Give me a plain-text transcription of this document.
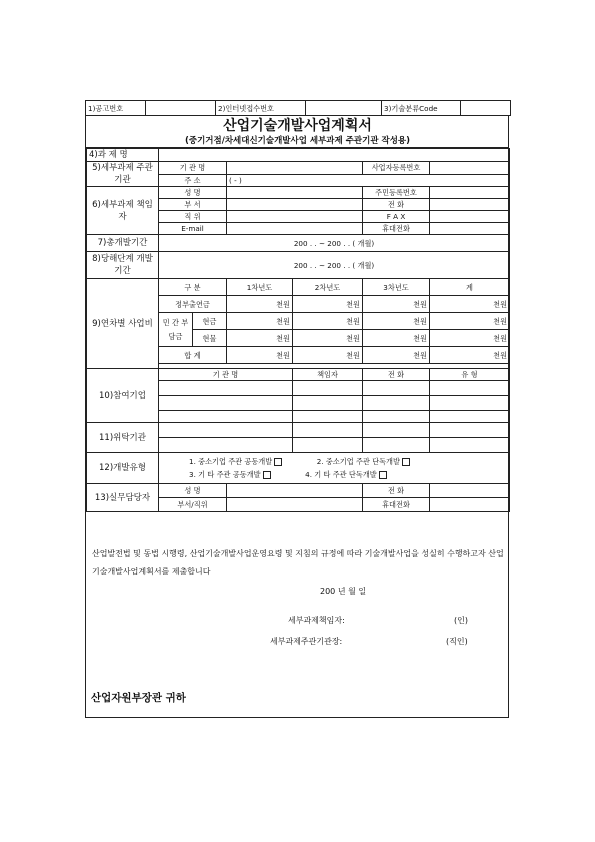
1)공고번호		2)인터넷접수번호		3)기술분류Code	
산업기술개발사업계획서
(중기거점/차세대신기술개발사업 세부과제 주관기관 작성용)
4)과 제 명						
5)세부과제 주관기관	기 관 명				사업자등록번호	
	주 소		( - )			
6)세부과제 책임자	성 명				주민등록번호	
	부 서				전 화	
	직 위				F A X	
	E-mail				휴대전화	
7)총개발기간	200 . . ~ 200 . . ( 개월)					
8)당해단계 개발기간	200 . . ~ 200 . . ( 개월)					
9)연차별 사업비	구 분		1차년도	2차년도	3차년도	계
	정부출연금		천원	천원	천원	천원
	민 간 부담금	현금	천원	천원	천원	천원
		현물	천원	천원	천원	천원
	합 계		천원	천원	천원	천원

10)참여기업	기 관 명			책임자	전 화	유 형

11)위탁기관						

12)개발유형	1. 중소기업 주관 공동개발 2. 중소기업 주관 단독개발
3. 기 타 주관 공동개발 4. 기 타 주관 단독개발					

13)실무담당자	성 명				전 화	
	부서/직위				휴대전화	
산업발전법 및 동법 시행령, 산업기술개발사업운영요령 및 지침의 규정에 따라 기술개발사업을 성실히 수행하고자 산업기술개발사업계획서를 제출합니다
200 년 월 일
세부과제책임자:	(인)
세부과제주관기관장:	(직인)
산업자원부장관 귀하
